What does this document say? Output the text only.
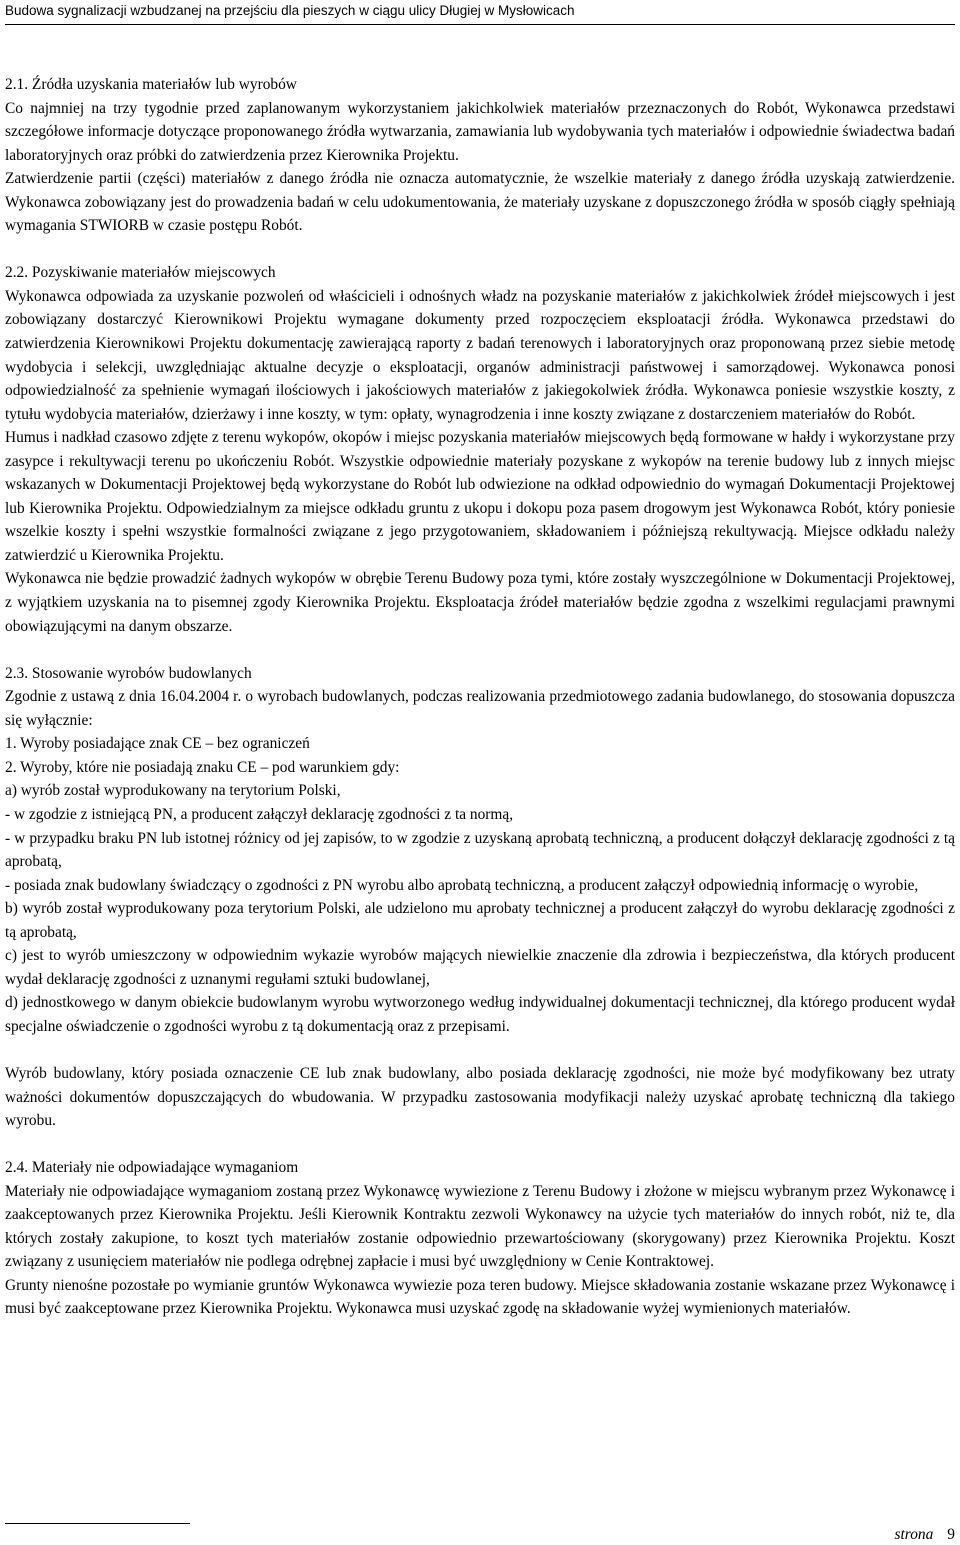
Budowa sygnalizacji wzbudzanej na przejściu dla pieszych w ciągu ulicy Długiej w Mysłowicach

2.1. Źródła uzyskania materiałów lub wyrobów

Co najmniej na trzy tygodnie przed zaplanowanym wykorzystaniem jakichkolwiek materiałów przeznaczonych do Robót, Wykonawca przedstawi szczegółowe informacje dotyczące proponowanego źródła wytwarzania, zamawiania lub wydobywania tych materiałów i odpowiednie świadectwa badań laboratoryjnych oraz próbki do zatwierdzenia przez Kierownika Projektu.

Zatwierdzenie partii (części) materiałów z danego źródła nie oznacza automatycznie, że wszelkie materiały z danego źródła uzyskają zatwierdzenie. Wykonawca zobowiązany jest do prowadzenia badań w celu udokumentowania, że materiały uzyskane z dopuszczonego źródła w sposób ciągły spełniają wymagania STWIORB w czasie postępu Robót.

2.2. Pozyskiwanie materiałów miejscowych

Wykonawca odpowiada za uzyskanie pozwoleń od właścicieli i odnośnych władz na pozyskanie materiałów z jakichkolwiek źródeł miejscowych i jest zobowiązany dostarczyć Kierownikowi Projektu wymagane dokumenty przed rozpoczęciem eksploatacji źródła. Wykonawca przedstawi do zatwierdzenia Kierownikowi Projektu dokumentację zawierającą raporty z badań terenowych i laboratoryjnych oraz proponowaną przez siebie metodę wydobycia i selekcji, uwzględniając aktualne decyzje o eksploatacji, organów administracji państwowej i samorządowej. Wykonawca ponosi odpowiedzialność za spełnienie wymagań ilościowych i jakościowych materiałów z jakiegokolwiek źródła. Wykonawca poniesie wszystkie koszty, z tytułu wydobycia materiałów, dzierżawy i inne koszty, w tym: opłaty, wynagrodzenia i inne koszty związane z dostarczeniem materiałów do Robót.

Humus i nadkład czasowo zdjęte z terenu wykopów, okopów i miejsc pozyskania materiałów miejscowych będą formowane w hałdy i wykorzystane przy zasypce i rekultywacji terenu po ukończeniu Robót. Wszystkie odpowiednie materiały pozyskane z wykopów na terenie budowy lub z innych miejsc wskazanych w Dokumentacji Projektowej będą wykorzystane do Robót lub odwiezione na odkład odpowiednio do wymagań Dokumentacji Projektowej lub Kierownika Projektu. Odpowiedzialnym za miejsce odkładu gruntu z ukopu i dokopu poza pasem drogowym jest Wykonawca Robót, który poniesie wszelkie koszty i spełni wszystkie formalności związane z jego przygotowaniem, składowaniem i późniejszą rekultywacją. Miejsce odkładu należy zatwierdzić u Kierownika Projektu.

Wykonawca nie będzie prowadzić żadnych wykopów w obrębie Terenu Budowy poza tymi, które zostały wyszczególnione w Dokumentacji Projektowej, z wyjątkiem uzyskania na to pisemnej zgody Kierownika Projektu. Eksploatacja źródeł materiałów będzie zgodna z wszelkimi regulacjami prawnymi obowiązującymi na danym obszarze.

2.3. Stosowanie wyrobów budowlanych

Zgodnie z ustawą z dnia 16.04.2004 r. o wyrobach budowlanych, podczas realizowania przedmiotowego zadania budowlanego, do stosowania dopuszcza się wyłącznie:

1. Wyroby posiadające znak CE – bez ograniczeń

2. Wyroby, które nie posiadają znaku CE – pod warunkiem gdy:

a) wyrób został wyprodukowany na terytorium Polski,

- w zgodzie z istniejącą PN, a producent załączył deklarację zgodności z ta normą,

- w przypadku braku PN lub istotnej różnicy od jej zapisów, to w zgodzie z uzyskaną aprobatą techniczną, a producent dołączył deklarację zgodności z tą aprobatą,

- posiada znak budowlany świadczący o zgodności z PN wyrobu albo aprobatą techniczną, a producent załączył odpowiednią informację o wyrobie,

b) wyrób został wyprodukowany poza terytorium Polski, ale udzielono mu aprobaty technicznej a producent załączył do wyrobu deklarację zgodności z tą aprobatą,

c) jest to wyrób umieszczony w odpowiednim wykazie wyrobów mających niewielkie znaczenie dla zdrowia i bezpieczeństwa, dla których producent wydał deklarację zgodności z uznanymi regułami sztuki budowlanej,

d) jednostkowego w danym obiekcie budowlanym wyrobu wytworzonego według indywidualnej dokumentacji technicznej, dla którego producent wydał specjalne oświadczenie o zgodności wyrobu z tą dokumentacją oraz z przepisami.

Wyrób budowlany, który posiada oznaczenie CE lub znak budowlany, albo posiada deklarację zgodności, nie może być modyfikowany bez utraty ważności dokumentów dopuszczających do wbudowania. W przypadku zastosowania modyfikacji należy uzyskać aprobatę techniczną dla takiego wyrobu.

2.4. Materiały nie odpowiadające wymaganiom

Materiały nie odpowiadające wymaganiom zostaną przez Wykonawcę wywiezione z Terenu Budowy i złożone w miejscu wybranym przez Wykonawcę i zaakceptowanych przez Kierownika Projektu. Jeśli Kierownik Kontraktu zezwoli Wykonawcy na użycie tych materiałów do innych robót, niż te, dla których zostały zakupione, to koszt tych materiałów zostanie odpowiednio przewartościowany (skorygowany) przez Kierownika Projektu. Koszt związany z usunięciem materiałów nie podlega odrębnej zapłacie i musi być uwzględniony w Cenie Kontraktowej.

Grunty nienośne pozostałe po wymianie gruntów Wykonawca wywiezie poza teren budowy. Miejsce składowania zostanie wskazane przez Wykonawcę i musi być zaakceptowane przez Kierownika Projektu. Wykonawca musi uzyskać zgodę na składowanie wyżej wymienionych materiałów.

strona 9
